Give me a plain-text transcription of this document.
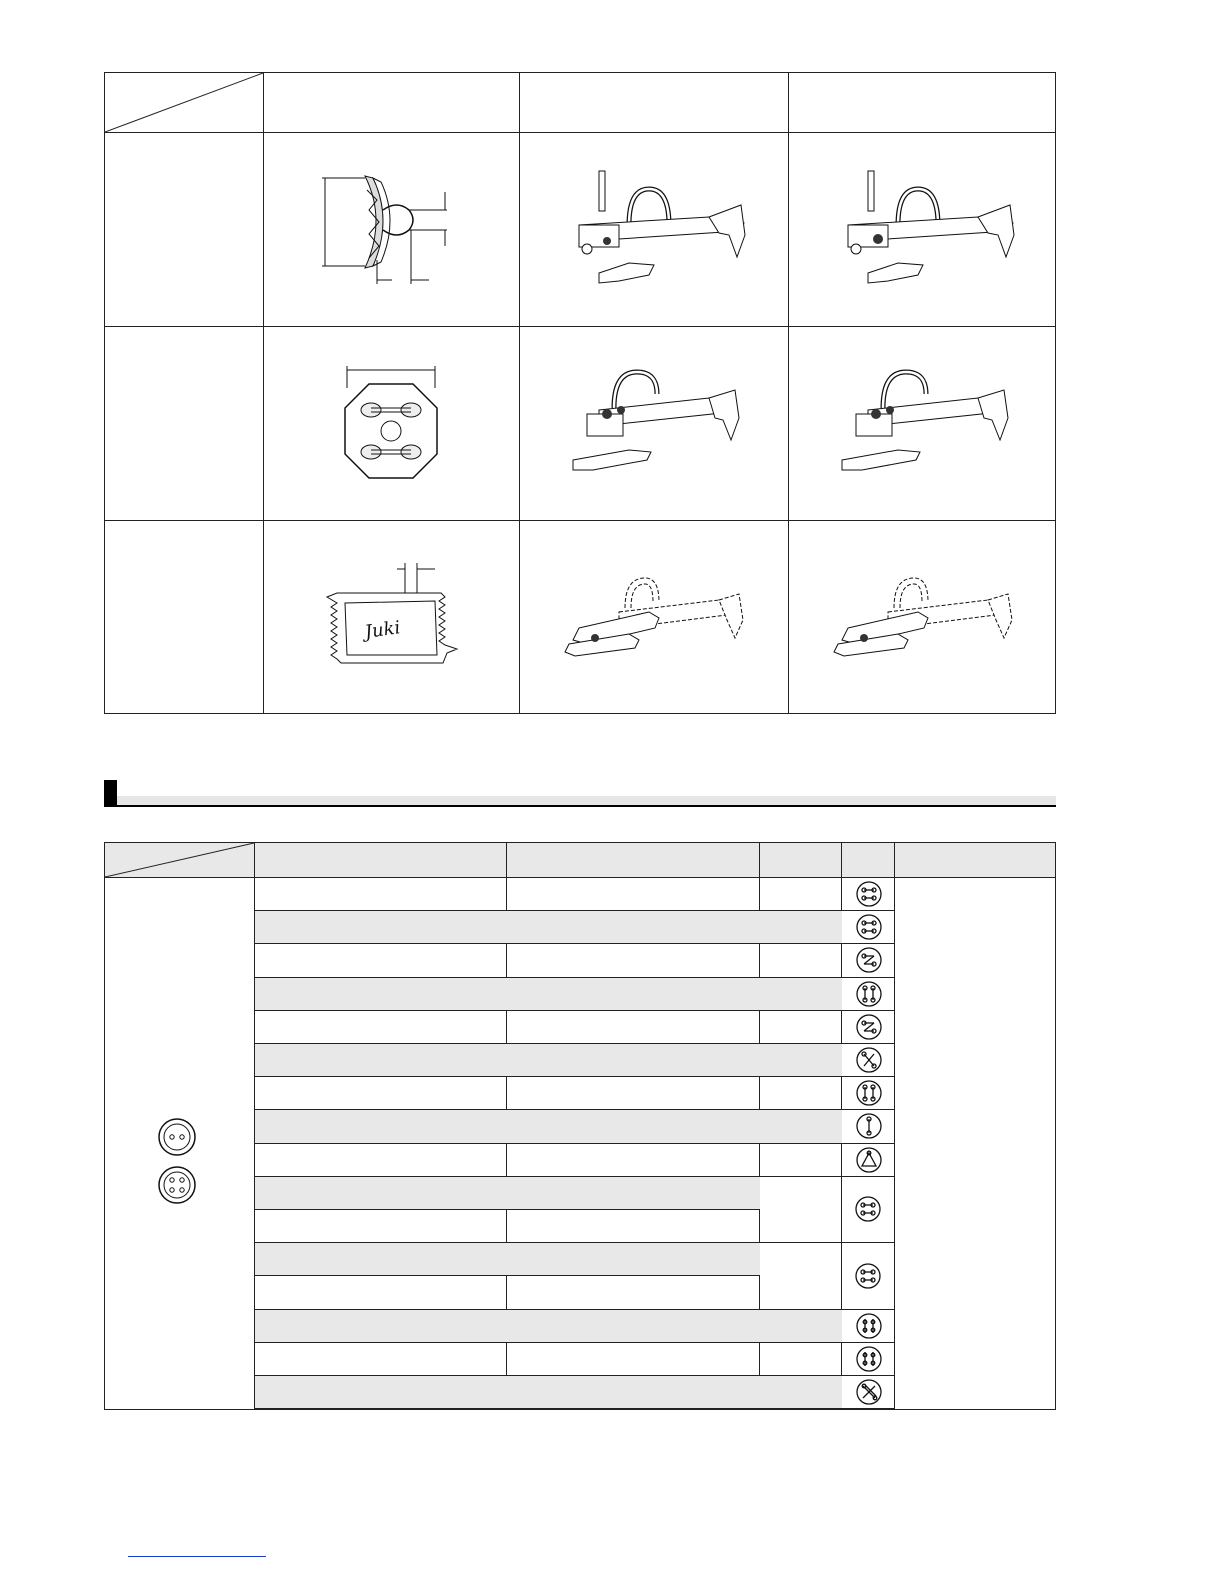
Juki
